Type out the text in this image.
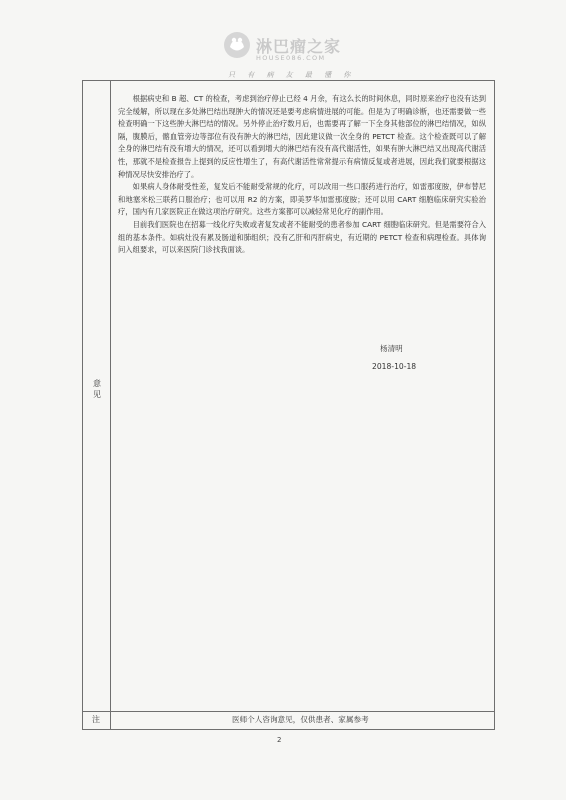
淋巴瘤之家
HOUSE086.COM
只 有 病 友 最 懂 你
意见

根据病史和 B 超、CT 的检查，考虑到治疗停止已经 4 月余，有这么长的时间休息，同时原来治疗也没有达到完全缓解，所以现在多处淋巴结出现肿大的情况还是要考虑病情进展的可能。但是为了明确诊断，也还需要做一些检查明确一下这些肿大淋巴结的情况。另外停止治疗数月后，也需要再了解一下全身其他部位的淋巴结情况，如纵隔，腹膜后，髂血管旁边等部位有没有肿大的淋巴结，因此建议做一次全身的 PETCT 检查。这个检查既可以了解全身的淋巴结有没有增大的情况，还可以看到增大的淋巴结有没有高代谢活性，如果有肿大淋巴结又出现高代谢活性，那就不是检查报告上提到的反应性增生了，有高代谢活性常常提示有病情反复或者进展，因此我们就要根据这种情况尽快安排治疗了。

如果病人身体耐受性差，复发后不能耐受常规的化疗，可以改用一些口服药进行治疗，如雷那度胺，伊布替尼和地塞米松三联药口服治疗；也可以用 R2 的方案，即美罗华加雷那度胺；还可以用 CART 细胞临床研究实验治疗，国内有几家医院正在做这项治疗研究。这些方案都可以减轻常见化疗的副作用。

目前我们医院也在招募一线化疗失败或者复发或者不能耐受的患者参加 CART 细胞临床研究。但是需要符合入组的基本条件。如病灶没有累及肠道和肺组织；没有乙肝和丙肝病史，有近期的 PETCT 检查和病理检查。具体询问入组要求，可以来医院门诊找我面谈。

杨清明
2018-10-18
注	医师个人咨询意见，仅供患者、家属参考
2
